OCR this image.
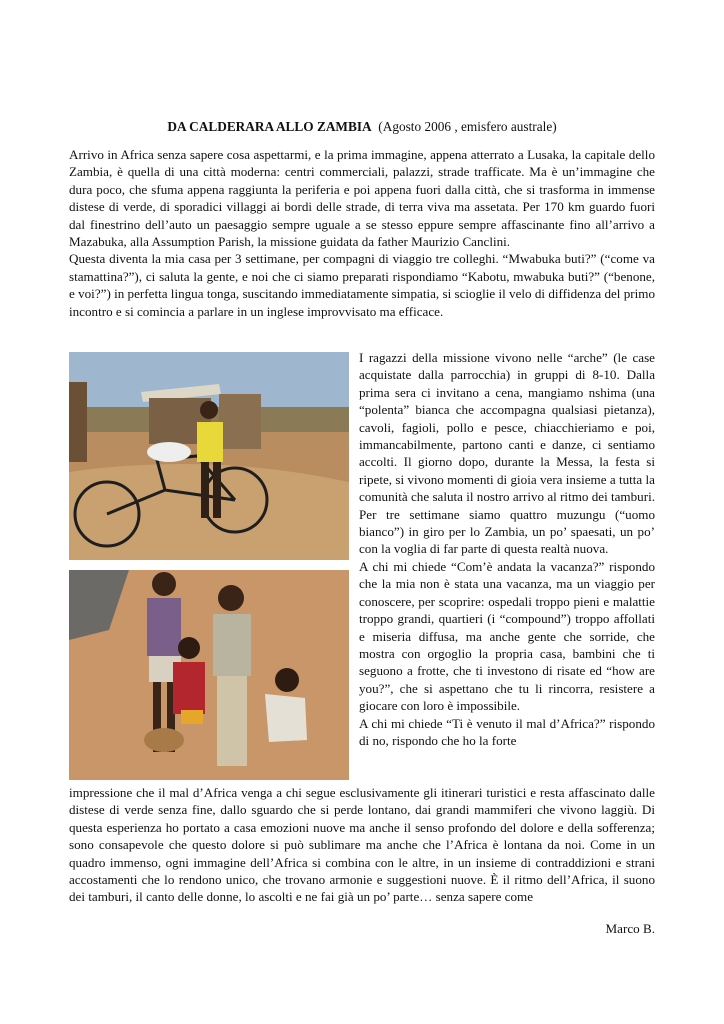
DA CALDERARA ALLO ZAMBIA (Agosto 2006 , emisfero australe)

Arrivo in Africa senza sapere cosa aspettarmi, e la prima immagine, appena atterrato a Lusaka, la capitale dello Zambia, è quella di una città moderna: centri commerciali, palazzi, strade trafficate. Ma è un’immagine che dura poco, che sfuma appena raggiunta la periferia e poi appena fuori dalla città, che si trasforma in immense distese di verde, di sporadici villaggi ai bordi delle strade, di terra viva ma assetata. Per 170 km guardo fuori dal finestrino dell’auto un paesaggio sempre uguale a se stesso eppure sempre affascinante fino all’arrivo a Mazabuka, alla Assumption Parish, la missione guidata da father Maurizio Canclini.

Questa diventa la mia casa per 3 settimane, per compagni di viaggio tre colleghi. “Mwabuka buti?” (“come va stamattina?”), ci saluta la gente, e noi che ci siamo preparati rispondiamo “Kabotu, mwabuka buti?” (“benone, e voi?”) in perfetta lingua tonga, suscitando immediatamente simpatia, si scioglie il velo di diffidenza del primo incontro e si comincia a parlare in un inglese improvvisato ma efficace.

I ragazzi della missione vivono nelle “arche” (le case acquistate dalla parrocchia) in gruppi di 8-10. Dalla prima sera ci invitano a cena, mangiamo nshima (una “polenta” bianca che accompagna qualsiasi pietanza), cavoli, fagioli, pollo e pesce, chiacchieriamo e poi, immancabilmente, partono canti e danze, ci sentiamo accolti. Il giorno dopo, durante la Messa, la festa si ripete, si vivono momenti di gioia vera insieme a tutta la comunità che saluta il nostro arrivo al ritmo dei tamburi.

Per tre settimane siamo quattro muzungu (“uomo bianco”) in giro per lo Zambia, un po’ spaesati, un po’ con la voglia di far parte di questa realtà nuova.

A chi mi chiede “Com’è andata la vacanza?” rispondo che la mia non è stata una vacanza, ma un viaggio per conoscere, per scoprire: ospedali troppo pieni e malattie troppo grandi, quartieri (i “compound”) troppo affollati e miseria diffusa, ma anche gente che sorride, che mostra con orgoglio la propria casa, bambini che ti seguono a frotte, che ti investono di risate ed “how are you?”, che si aspettano che tu li rincorra, resistere a giocare con loro è impossibile.

A chi mi chiede “Ti è venuto il mal d’Africa?” rispondo di no, rispondo che ho la forte

impressione che il mal d’Africa venga a chi segue esclusivamente gli itinerari turistici e resta affascinato dalle distese di verde senza fine, dallo sguardo che si perde lontano, dai grandi mammiferi che vivono laggiù. Di questa esperienza ho portato a casa emozioni nuove ma anche il senso profondo del dolore e della sofferenza; sono consapevole che questo dolore si può sublimare ma anche che l’Africa è lontana da noi. Come in un quadro immenso, ogni immagine dell’Africa si combina con le altre, in un insieme di contraddizioni e strani accostamenti che lo rendono unico, che trovano armonie e suggestioni nuove. È il ritmo dell’Africa, il suono dei tamburi, il canto delle donne, lo ascolti e ne fai già un po’ parte… senza sapere come

Marco B.
